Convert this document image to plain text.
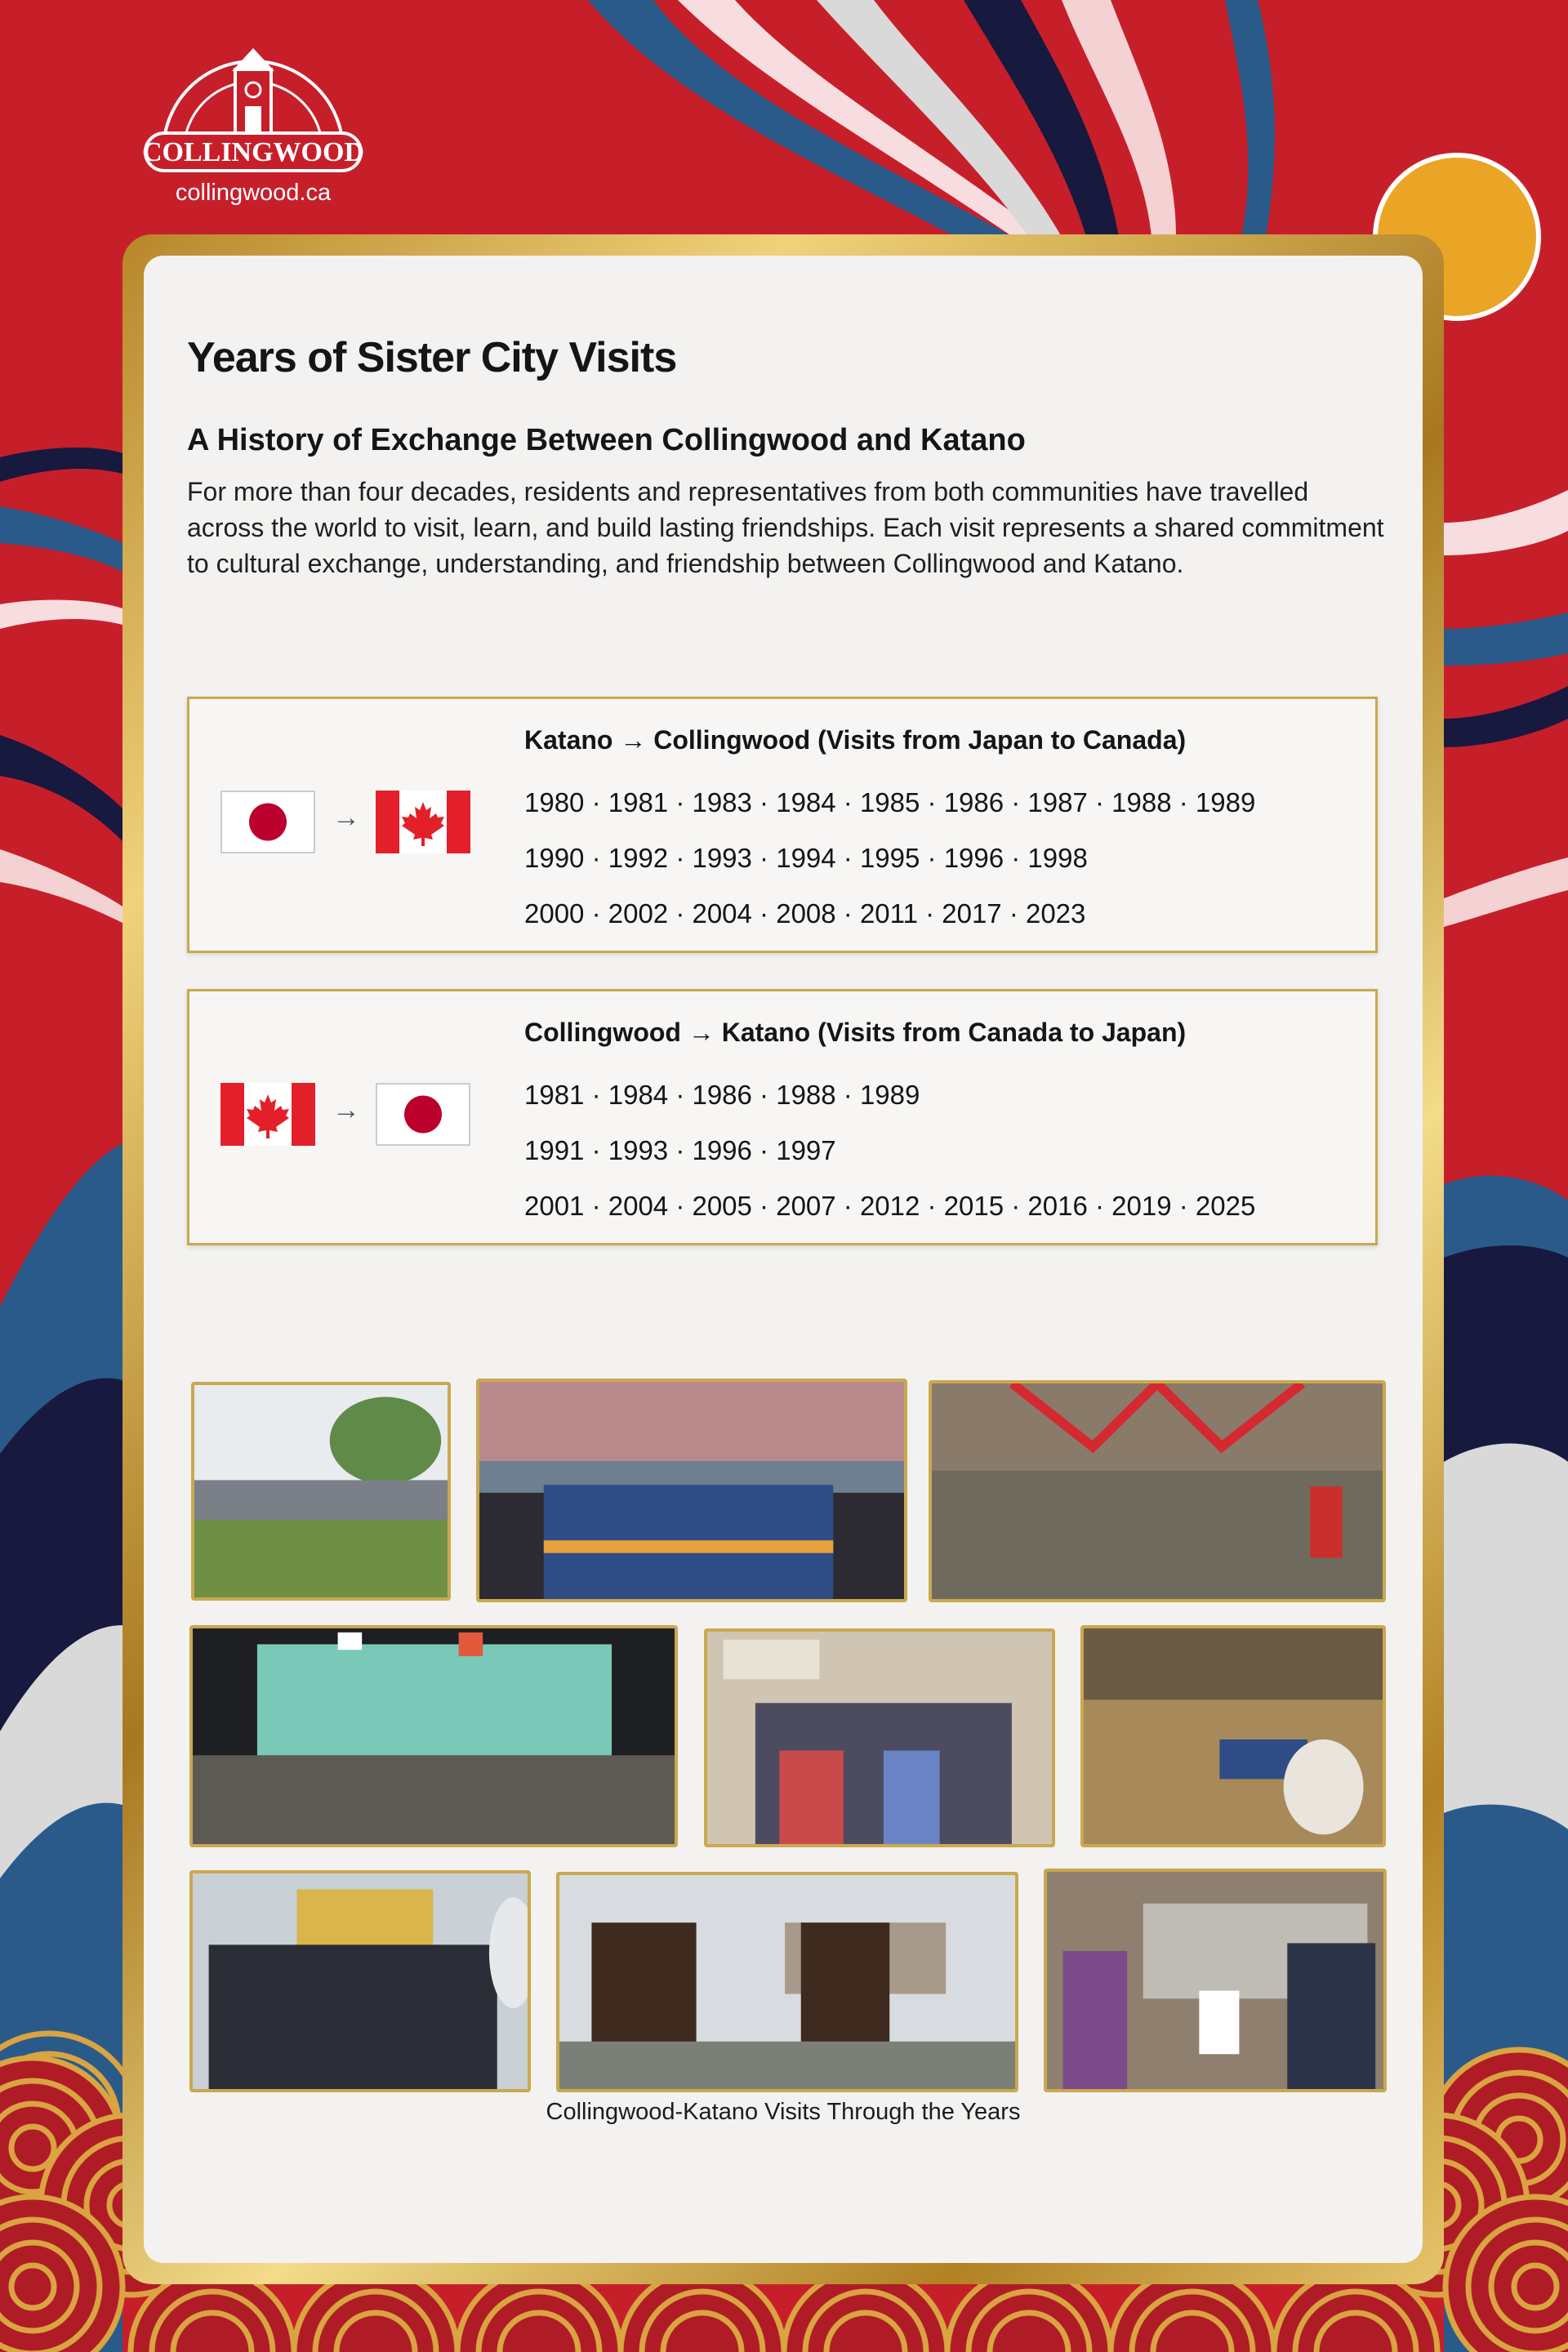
COLLINGWOOD
collingwood.ca
Years of Sister City Visits
A History of Exchange Between Collingwood and Katano
For more than four decades, residents and representatives from both communities have travelled across the world to visit, learn, and build lasting friendships. Each visit represents a shared commitment to cultural exchange, understanding, and friendship between Collingwood and Katano.
→
Katano → Collingwood (Visits from Japan to Canada)
1980 · 1981 · 1983 · 1984 · 1985 · 1986 · 1987 · 1988 · 1989
1990 · 1992 · 1993 · 1994 · 1995 · 1996 · 1998
2000 · 2002 · 2004 · 2008 · 2011 · 2017 · 2023
→
Collingwood → Katano (Visits from Canada to Japan)
1981 · 1984 · 1986 · 1988 · 1989
1991 · 1993 · 1996 · 1997
2001 · 2004 · 2005 · 2007 · 2012 · 2015 · 2016 · 2019 · 2025
Collingwood-Katano Visits Through the Years
